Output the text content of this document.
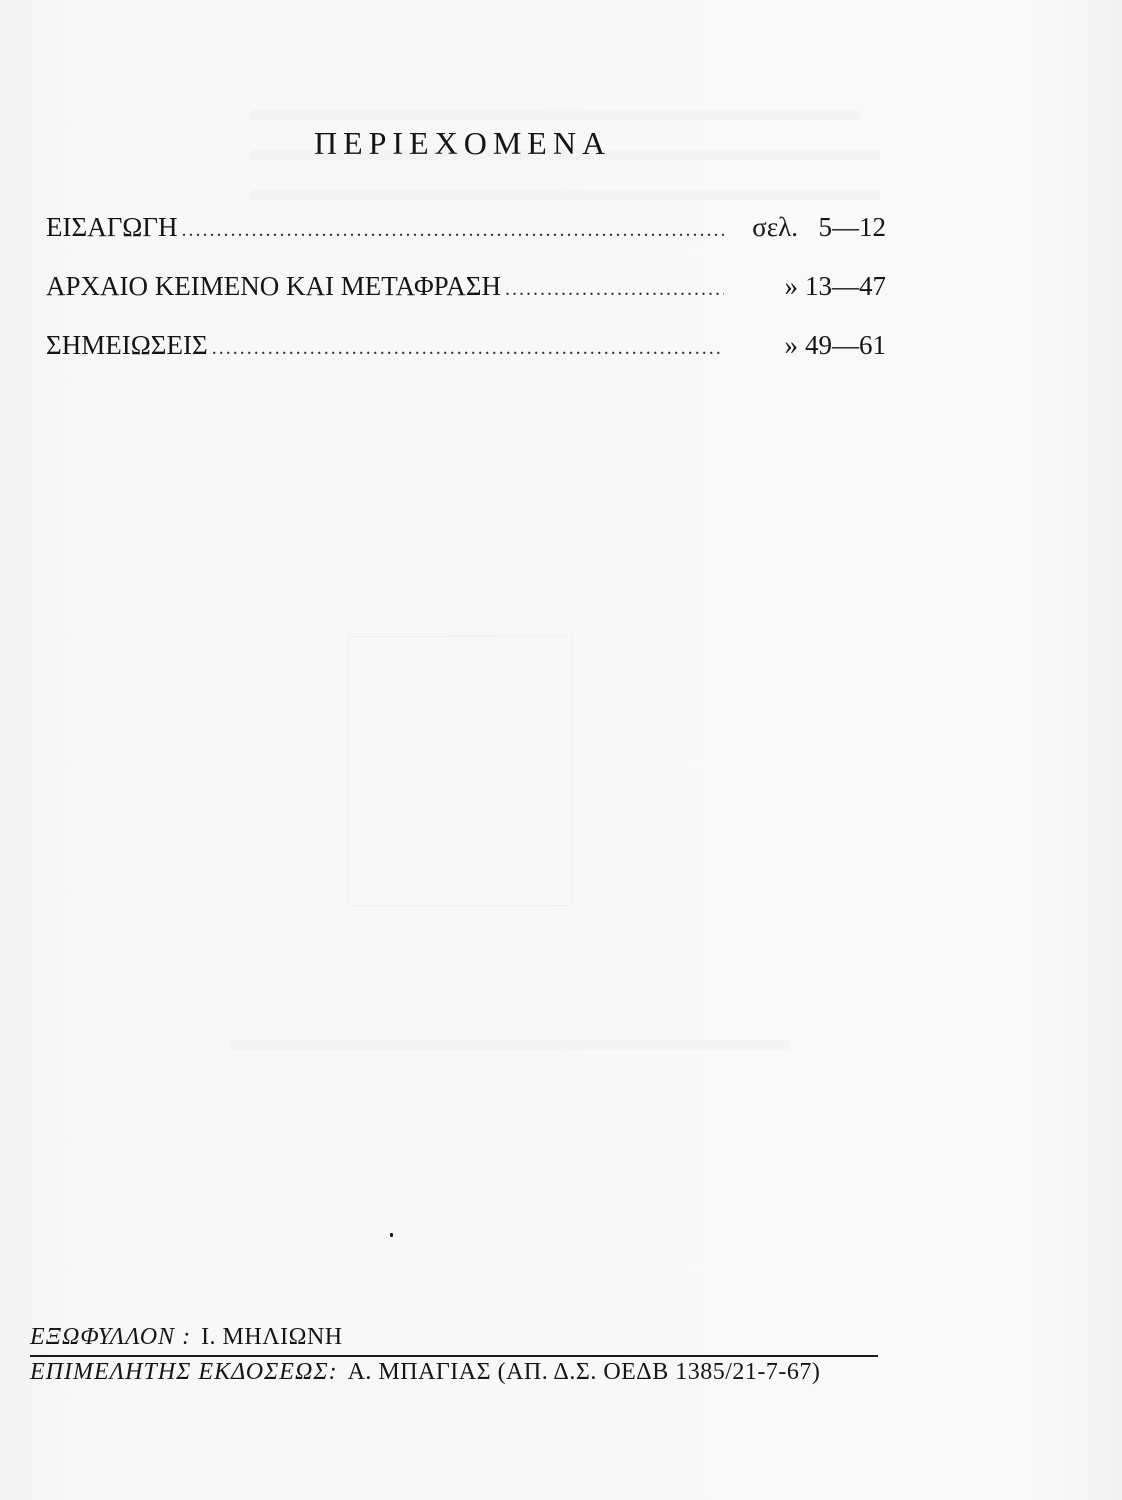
ΠΕΡΙΕΧΟΜΕΝΑ
ΕΙΣΑΓΩΓΗ .....	σελ. 5—12
ΑΡΧΑΙΟ ΚΕΙΜΕΝΟ ΚΑΙ ΜΕΤΑΦΡΑΣΗ .....	» 13—47
ΣΗΜΕΙΩΣΕΙΣ .....	» 49—61
ΕΞΩΦΥΛΛΟΝ : Ι. ΜΗΛΙΩΝΗ
ΕΠΙΜΕΛΗΤΗΣ ΕΚΔΟΣΕΩΣ: Α. ΜΠΑΓΙΑΣ (ΑΠ. Δ.Σ. ΟΕΔΒ 1385/21-7-67)
